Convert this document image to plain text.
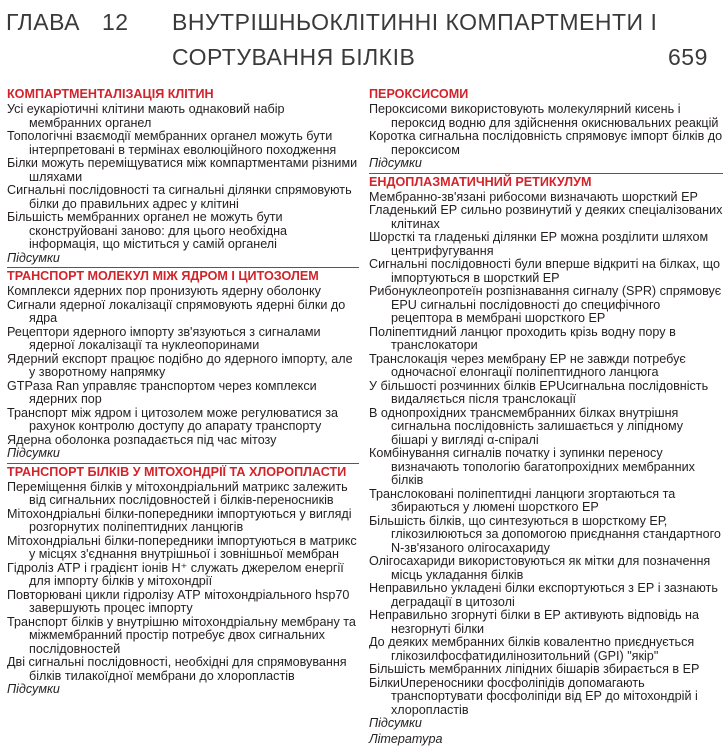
ГЛАВА 12 ВНУТРІШНЬОКЛІТИННІ КОМПАРТМЕНТИ І
СОРТУВАННЯ БІЛКІВ	659
КОМПАРТМЕНТАЛІЗАЦІЯ КЛІТИН
Усі еукаріотичні клітини мають однаковий набір мембранних органел
Топологічні взаємодії мембранних органел можуть бути інтерпретовані в термінах еволюційного походження
Білки можуть переміщуватися між компартментами різними шляхами
Сигнальні послідовності та сигнальні ділянки спрямовують білки до правильних адрес у клітині
Більшість мембранних органел не можуть бути сконструйовані заново: для цього необхідна інформація, що міститься у самій органелі
Підсумки
ТРАНСПОРТ МОЛЕКУЛ МІЖ ЯДРОМ І ЦИТОЗОЛЕМ
Комплекси ядерних пор пронизують ядерну оболонку
Сигнали ядерної локалізації спрямовують ядерні білки до ядра
Рецептори ядерного імпорту зв'язуються з сигналами ядерної локалізації та нуклеопоринами
Ядерний експорт працює подібно до ядерного імпорту, але у зворотному напрямку
GTPаза Ran управляє транспортом через комплекси ядерних пор
Транспорт між ядром і цитозолем може регулюватися за рахунок контролю доступу до апарату транспорту
Ядерна оболонка розпадається під час мітозу
Підсумки
ТРАНСПОРТ БІЛКІВ У МІТОХОНДРІЇ ТА ХЛОРОПЛАСТИ
Переміщення білків у мітохондріальний матрикс залежить від сигнальних послідовностей і білків-переносників
Мітохондріальні білки-попередники імпортуються у вигляді розгорнутих поліпептидних ланцюгів
Мітохондріальні білки-попередники імпортуються в матрикс у місцях з'єднання внутрішньої і зовнішньої мембран
Гідроліз АТР і градієнт іонів H⁺ служать джерелом енергії для імпорту білків у мітохондрії
Повторювані цикли гідролізу АТР мітохондріального hsp70 завершують процес імпорту
Транспорт білків у внутрішню мітохондріальну мембрану та міжмембранний простір потребує двох сигнальних послідовностей
Дві сигнальні послідовності, необхідні для спрямовування білків тилакоїдної мембрани до хлоропластів
Підсумки
ПЕРОКСИСОМИ
Пероксисоми використовують молекулярний кисень і пероксид водню для здійснення окиснювальних реакцій
Коротка сигнальна послідовність спрямовує імпорт білків до пероксисом
Підсумки
ЕНДОПЛАЗМАТИЧНИЙ РЕТИКУЛУМ
Мембранно-зв'язані рибосоми визначають шорсткий ЕР
Гладенький ЕР сильно розвинутий у деяких спеціалізованих клітинах
Шорсткі та гладенькі ділянки ЕР можна розділити шляхом центрифугування
Сигнальні послідовності були вперше відкриті на білках, що імпортуються в шорсткий ЕР
Рибонуклеопротеїн розпізнавання сигналу (SPR) спрямовує EPU сигнальні послідовності до специфічного рецептора в мембрані шорсткого ЕР
Поліпептидний ланцюг проходить крізь водну пору в транслокатори
Транслокація через мембрану ЕР не завжди потребує одночасної елонгації поліпептидного ланцюга
У більшості розчинних білків EPUсигнальна послідовність видаляється після транслокації
В однопрохідних трансмембранних білках внутрішня сигнальна послідовність залишається у ліпідному бішарі у вигляді α-спіралі
Комбінування сигналів початку і зупинки переносу визначають топологію багатопрохідних мембранних білків
Транслоковані поліпептидні ланцюги згортаються та збираються у люмені шорсткого ЕР
Більшість білків, що синтезуються в шорсткому ЕР, глікозилюються за допомогою приєднання стандартного N-зв'язаного олігосахариду
Олігосахариди використовуються як мітки для позначення місць укладання білків
Неправильно укладені білки експортуються з ЕР і зазнають деградації в цитозолі
Неправильно згорнуті білки в ЕР активують відповідь на незгорнуті білки
До деяких мембранних білків ковалентно приєднується глікозилфосфатидилінозитольний (GPI) "якір"
Більшість мембранних ліпідних бішарів збирається в ЕР
БілкиUпереносники фосфоліпідів допомагають транспортувати фосфоліпіди від ЕР до мітохондрій і хлоропластів
Підсумки
Література
